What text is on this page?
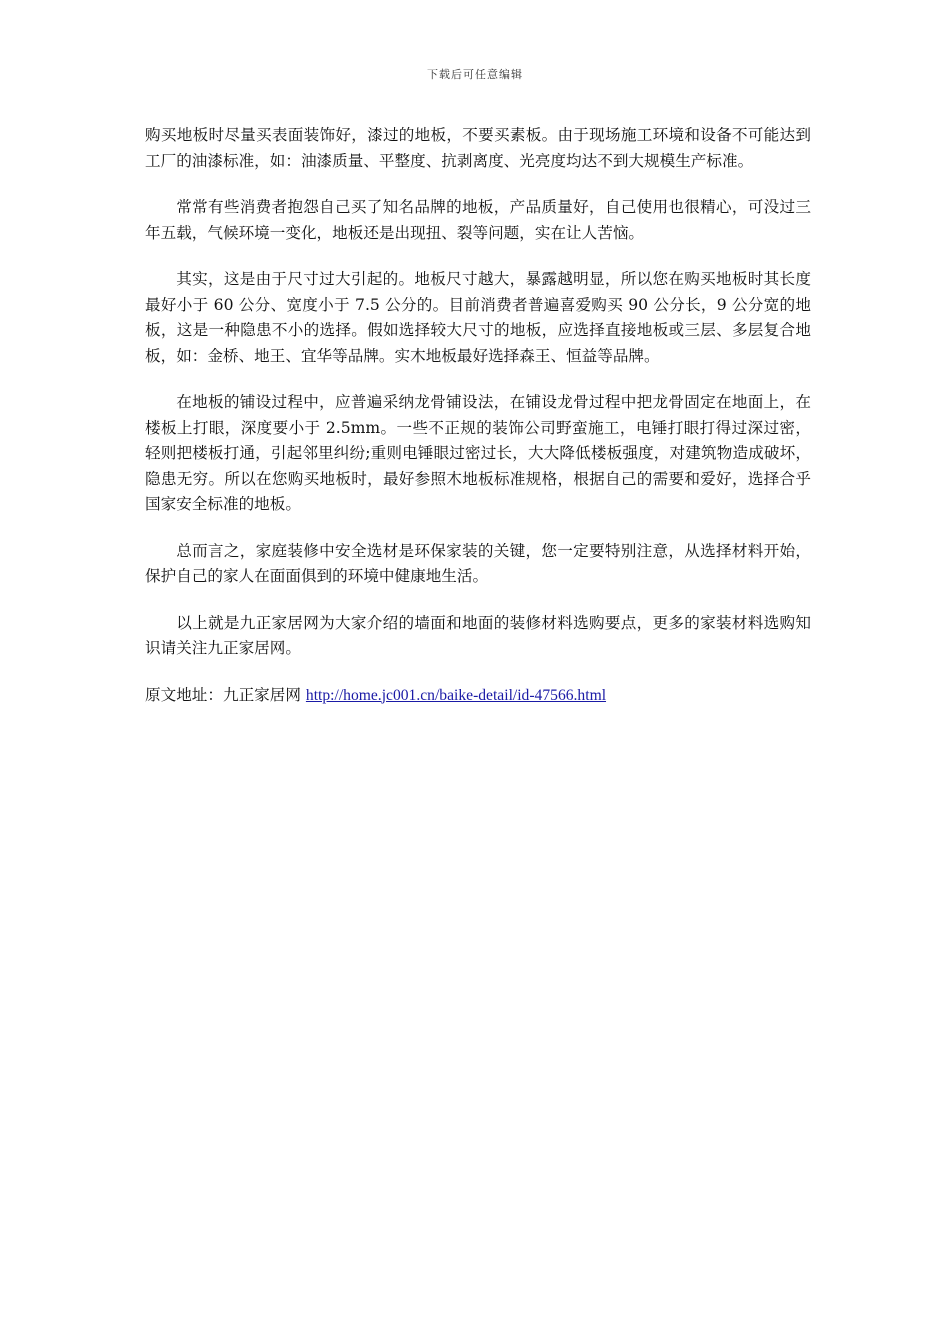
下载后可任意编辑

购买地板时尽量买表面装饰好，漆过的地板，不要买素板。由于现场施工环境和设备不可能达到工厂的油漆标准，如：油漆质量、平整度、抗剥离度、光亮度均达不到大规模生产标准。

常常有些消费者抱怨自己买了知名品牌的地板，产品质量好，自己使用也很精心，可没过三年五载，气候环境一变化，地板还是出现扭、裂等问题，实在让人苦恼。

其实，这是由于尺寸过大引起的。地板尺寸越大，暴露越明显，所以您在购买地板时其长度最好小于 60 公分、宽度小于 7.5 公分的。目前消费者普遍喜爱购买 90 公分长，9 公分宽的地板，这是一种隐患不小的选择。假如选择较大尺寸的地板，应选择直接地板或三层、多层复合地板，如：金桥、地王、宜华等品牌。实木地板最好选择森王、恒益等品牌。

在地板的铺设过程中，应普遍采纳龙骨铺设法，在铺设龙骨过程中把龙骨固定在地面上，在楼板上打眼，深度要小于 2.5mm。一些不正规的装饰公司野蛮施工，电锤打眼打得过深过密，轻则把楼板打通，引起邻里纠纷;重则电锤眼过密过长，大大降低楼板强度，对建筑物造成破坏，隐患无穷。所以在您购买地板时，最好参照木地板标准规格，根据自己的需要和爱好，选择合乎国家安全标准的地板。

总而言之，家庭装修中安全选材是环保家装的关键，您一定要特别注意，从选择材料开始，保护自己的家人在面面俱到的环境中健康地生活。

以上就是九正家居网为大家介绍的墙面和地面的装修材料选购要点，更多的家装材料选购知识请关注九正家居网。

原文地址：九正家居网 http://home.jc001.cn/baike-detail/id-47566.html
